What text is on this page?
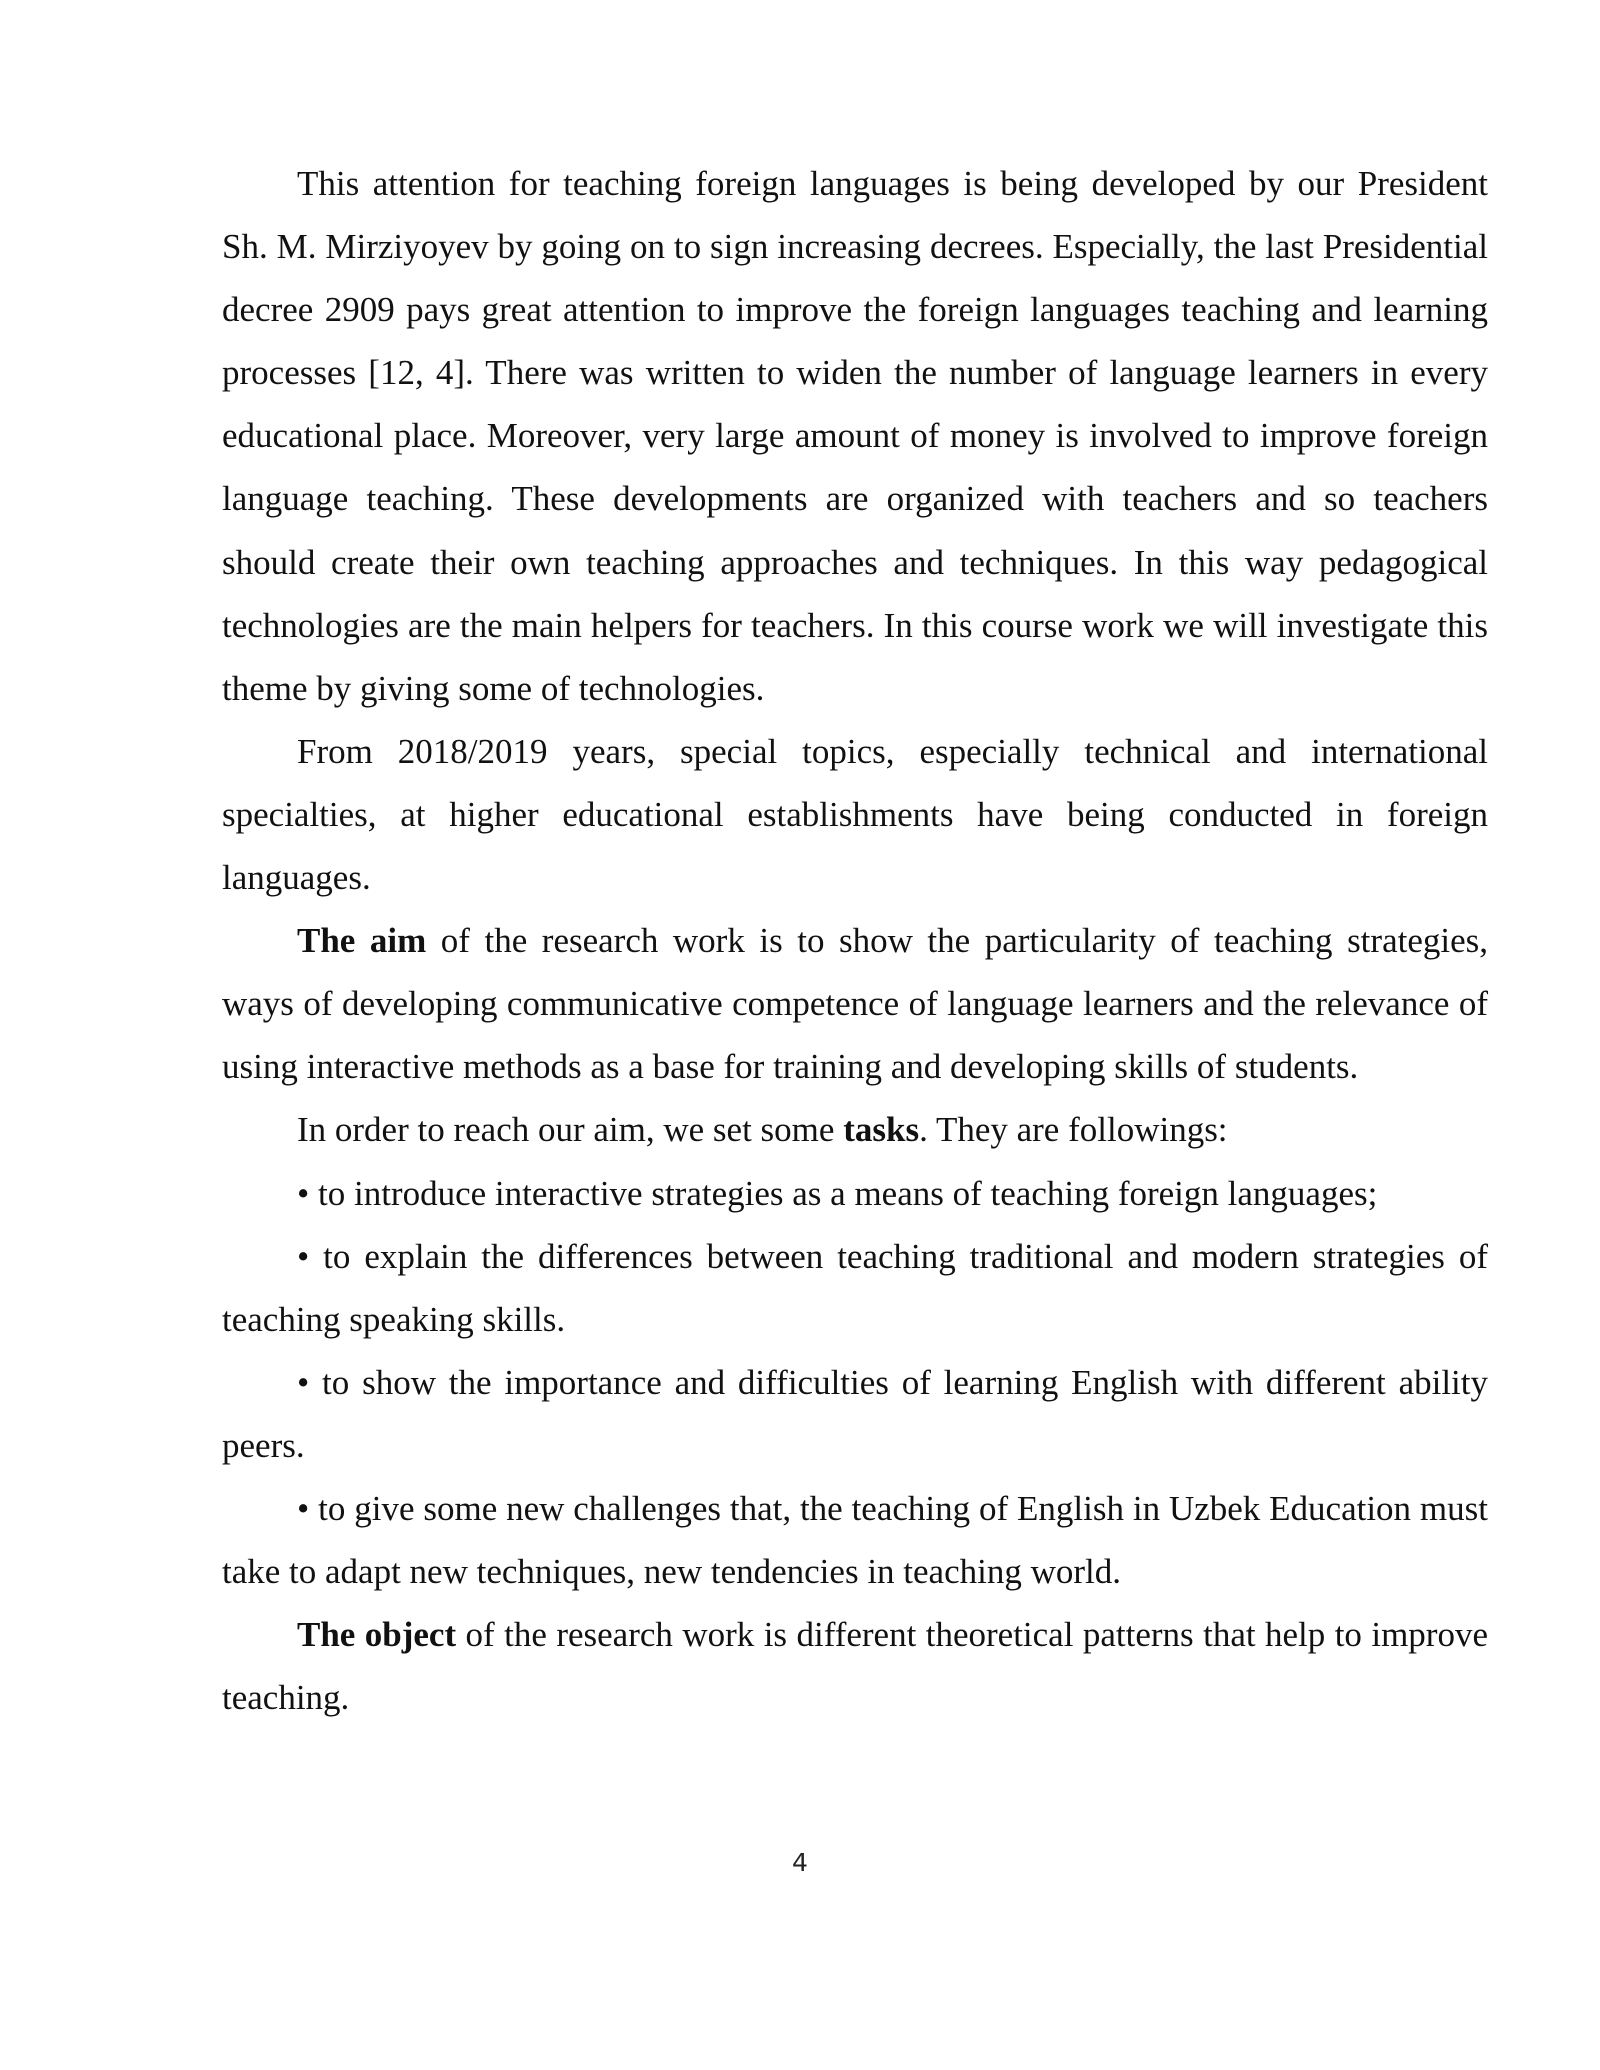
This attention for teaching foreign languages is being developed by our President Sh. M. Mirziyoyev by going on to sign increasing decrees. Especially, the last Presidential decree 2909 pays great attention to improve the foreign languages teaching and learning processes [12, 4]. There was written to widen the number of language learners in every educational place. Moreover, very large amount of money is involved to improve foreign language teaching. These developments are organized with teachers and so teachers should create their own teaching approaches and techniques. In this way pedagogical technologies are the main helpers for teachers. In this course work we will investigate this theme by giving some of technologies.

From 2018/2019 years, special topics, especially technical and international specialties, at higher educational establishments have being conducted in foreign languages.

The aim of the research work is to show the particularity of teaching strategies, ways of developing communicative competence of language learners and the relevance of using interactive methods as a base for training and developing skills of students.

In order to reach our aim, we set some tasks. They are followings:

• to introduce interactive strategies as a means of teaching foreign languages;

• to explain the differences between teaching traditional and modern strategies of teaching speaking skills.

• to show the importance and difficulties of learning English with different ability peers.

• to give some new challenges that, the teaching of English in Uzbek Education must take to adapt new techniques, new tendencies in teaching world.

The object of the research work is different theoretical patterns that help to improve teaching.

4
